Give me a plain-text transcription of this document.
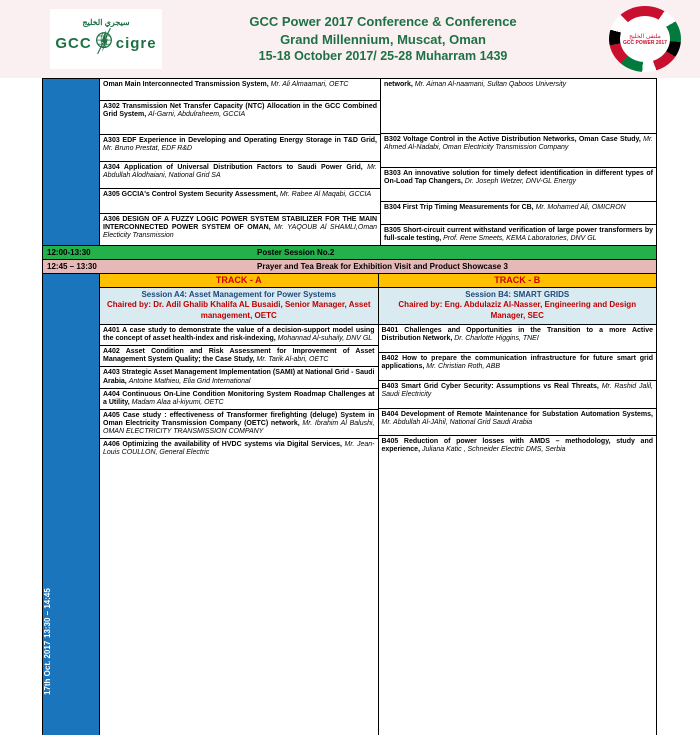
سيجري الخليج
GCC cigre
GCC Power 2017 Conference & Conference
Grand Millennium, Muscat, Oman
15-18 October 2017/ 25-28 Muharram 1439
ملتقى الخليج
GCC POWER 2017
Oman Main Interconnected Transmission System, Mr. Ali Almaamari, OETC
A302 Transmission Net Transfer Capacity (NTC) Allocation in the GCC Combined Grid System, Al-Garni, Abdulraheem, GCCIA
A303 EDF Experience in Developing and Operating Energy Storage in T&D Grid, Mr. Bruno Prestat, EDF R&D
A304 Application of Universal Distribution Factors to Saudi Power Grid, Mr. Abdullah Alodhaiani, National Grid SA
A305 GCCIA's Control System Security Assessment, Mr. Rabee Al Maqabi, GCCIA
A306 DESIGN OF A FUZZY LOGIC POWER SYSTEM STABILIZER FOR THE MAIN INTERCONNECTED POWER SYSTEM OF OMAN, Mr. YAQOUB Al SHAMLI,Oman Electicity Transmission
network, Mr. Aiman Al-naamani, Sultan Qaboos University
B302 Voltage Control in the Active Distribution Networks, Oman Case Study, Mr. Ahmed Al-Nadabi, Oman Electricity Transmission Company
B303 An innovative solution for timely defect identification in different types of On-Load Tap Changers, Dr. Joseph Wetzer, DNV-GL Energy
B304 First Trip Timing Measurements for CB, Mr. Mohamed Ali, OMICRON
B305 Short-circuit current withstand verification of large power transformers by full-scale testing, Prof. Rene Smeets, KEMA Laboratories, DNV GL
12:00-13:30	Poster Session No.2
12:45 – 13:30	Prayer and Tea Break for Exhibition Visit and Product Showcase 3
17th Oct. 2017
13:30 – 14:45
TRACK - A
Session A4: Asset Management for Power Systems
Chaired by: Dr. Adil Ghalib Khalifa AL Busaidi, Senior Manager, Asset management, OETC
A401 A case study to demonstrate the value of a decision-support model using the concept of asset health-index and risk-indexing, Mohannad Al-suhaily, DNV GL
A402 Asset Condition and Risk Assessment for Improvement of Asset Management System Quality; the Case Study, Mr. Tarik Al-abri, OETC
A403 Strategic Asset Management Implementation (SAMI) at National Grid - Saudi Arabia, Antoine Mathieu, Elia Grid International
A404 Continuous On-Line Condition Monitoring System Roadmap Challenges at a Utility, Madam Alaa al-kiyumi, OETC
A405 Case study : effectiveness of Transformer firefighting (deluge) System in Oman Electricity Transmission Company (OETC) network, Mr. Ibrahim Al Balushi, OMAN ELECTRICITY TRANSMISSION COMPANY
A406 Optimizing the availability of HVDC systems via Digital Services, Mr. Jean-Louis COULLON, General Electric
TRACK - B
Session B4: SMART GRIDS
Chaired by: Eng. Abdulaziz Al-Nasser, Engineering and Design Manager, SEC
B401 Challenges and Opportunities in the Transition to a more Active Distribution Network, Dr. Charlotte Higgins, TNEI
B402 How to prepare the communication infrastructure for future smart grid applications, Mr. Christian Roth, ABB
B403 Smart Grid Cyber Security: Assumptions vs Real Threats, Mr. Rashid Jalil, Saudi Electricity
B404 Development of Remote Maintenance for Substation Automation Systems, Mr. Abdullah Al-JAhil, National Grid Saudi Arabia
B405 Reduction of power losses with AMDS – methodology, study and experience, Juliana Katic , Schneider Electric DMS, Serbia
